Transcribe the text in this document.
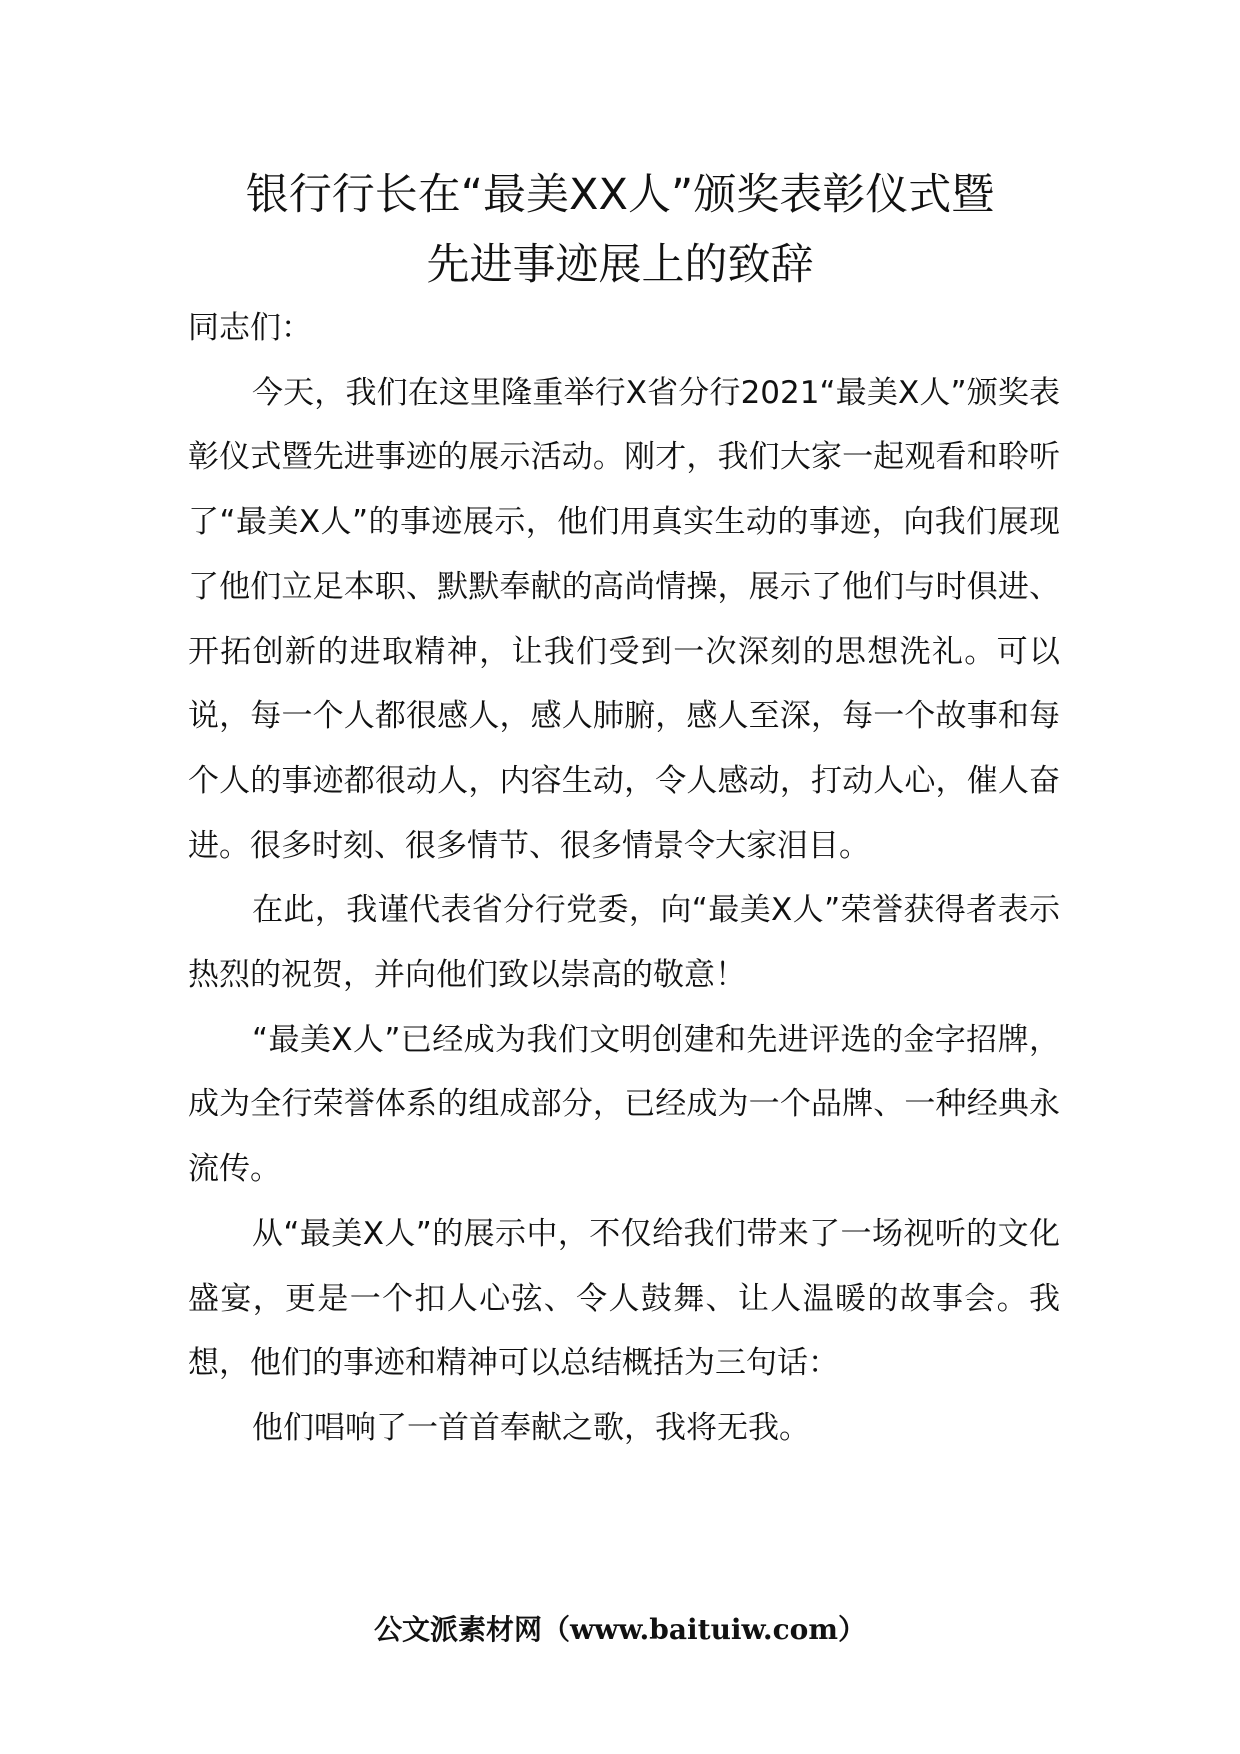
银行行长在“最美XX人”颁奖表彰仪式暨
先进事迹展上的致辞

同志们：

今天，我们在这里隆重举行X省分行2021“最美X人”颁奖表彰仪式暨先进事迹的展示活动。刚才，我们大家一起观看和聆听了“最美X人”的事迹展示，他们用真实生动的事迹，向我们展现了他们立足本职、默默奉献的高尚情操，展示了他们与时俱进、开拓创新的进取精神，让我们受到一次深刻的思想洗礼。可以说，每一个人都很感人，感人肺腑，感人至深，每一个故事和每个人的事迹都很动人，内容生动，令人感动，打动人心，催人奋进。很多时刻、很多情节、很多情景令大家泪目。

在此，我谨代表省分行党委，向“最美X人”荣誉获得者表示热烈的祝贺，并向他们致以崇高的敬意！

“最美X人”已经成为我们文明创建和先进评选的金字招牌，成为全行荣誉体系的组成部分，已经成为一个品牌、一种经典永流传。

从“最美X人”的展示中，不仅给我们带来了一场视听的文化盛宴，更是一个扣人心弦、令人鼓舞、让人温暖的故事会。我想，他们的事迹和精神可以总结概括为三句话：

他们唱响了一首首奉献之歌，我将无我。

公文派素材网（www.baituiw.com）
